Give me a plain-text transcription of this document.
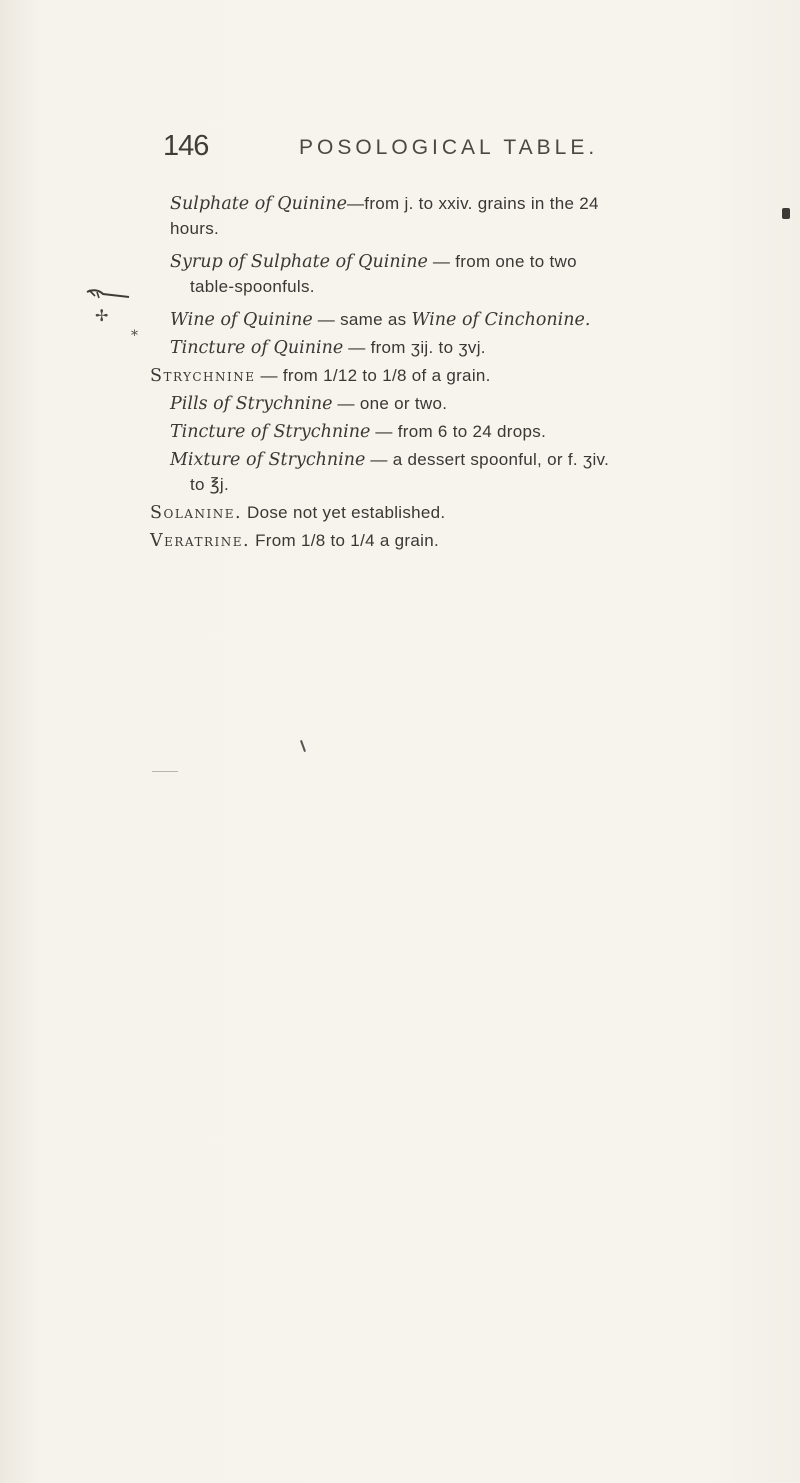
146	POSOLOGICAL TABLE.
✢
*
Sulphate of Quinine—from j. to xxiv. grains in the 24
hours.
Syrup of Sulphate of Quinine — from one to two
table-spoonfuls.
Wine of Quinine — same as Wine of Cinchonine.
Tincture of Quinine — from ʒij. to ʒvj.
Strychnine — from 1/12 to 1/8 of a grain.
Pills of Strychnine — one or two.
Tincture of Strychnine — from 6 to 24 drops.
Mixture of Strychnine — a dessert spoonful, or f. ʒiv.
to ℥j.
Solanine. Dose not yet established.
Veratrine. From 1/8 to 1/4 a grain.
